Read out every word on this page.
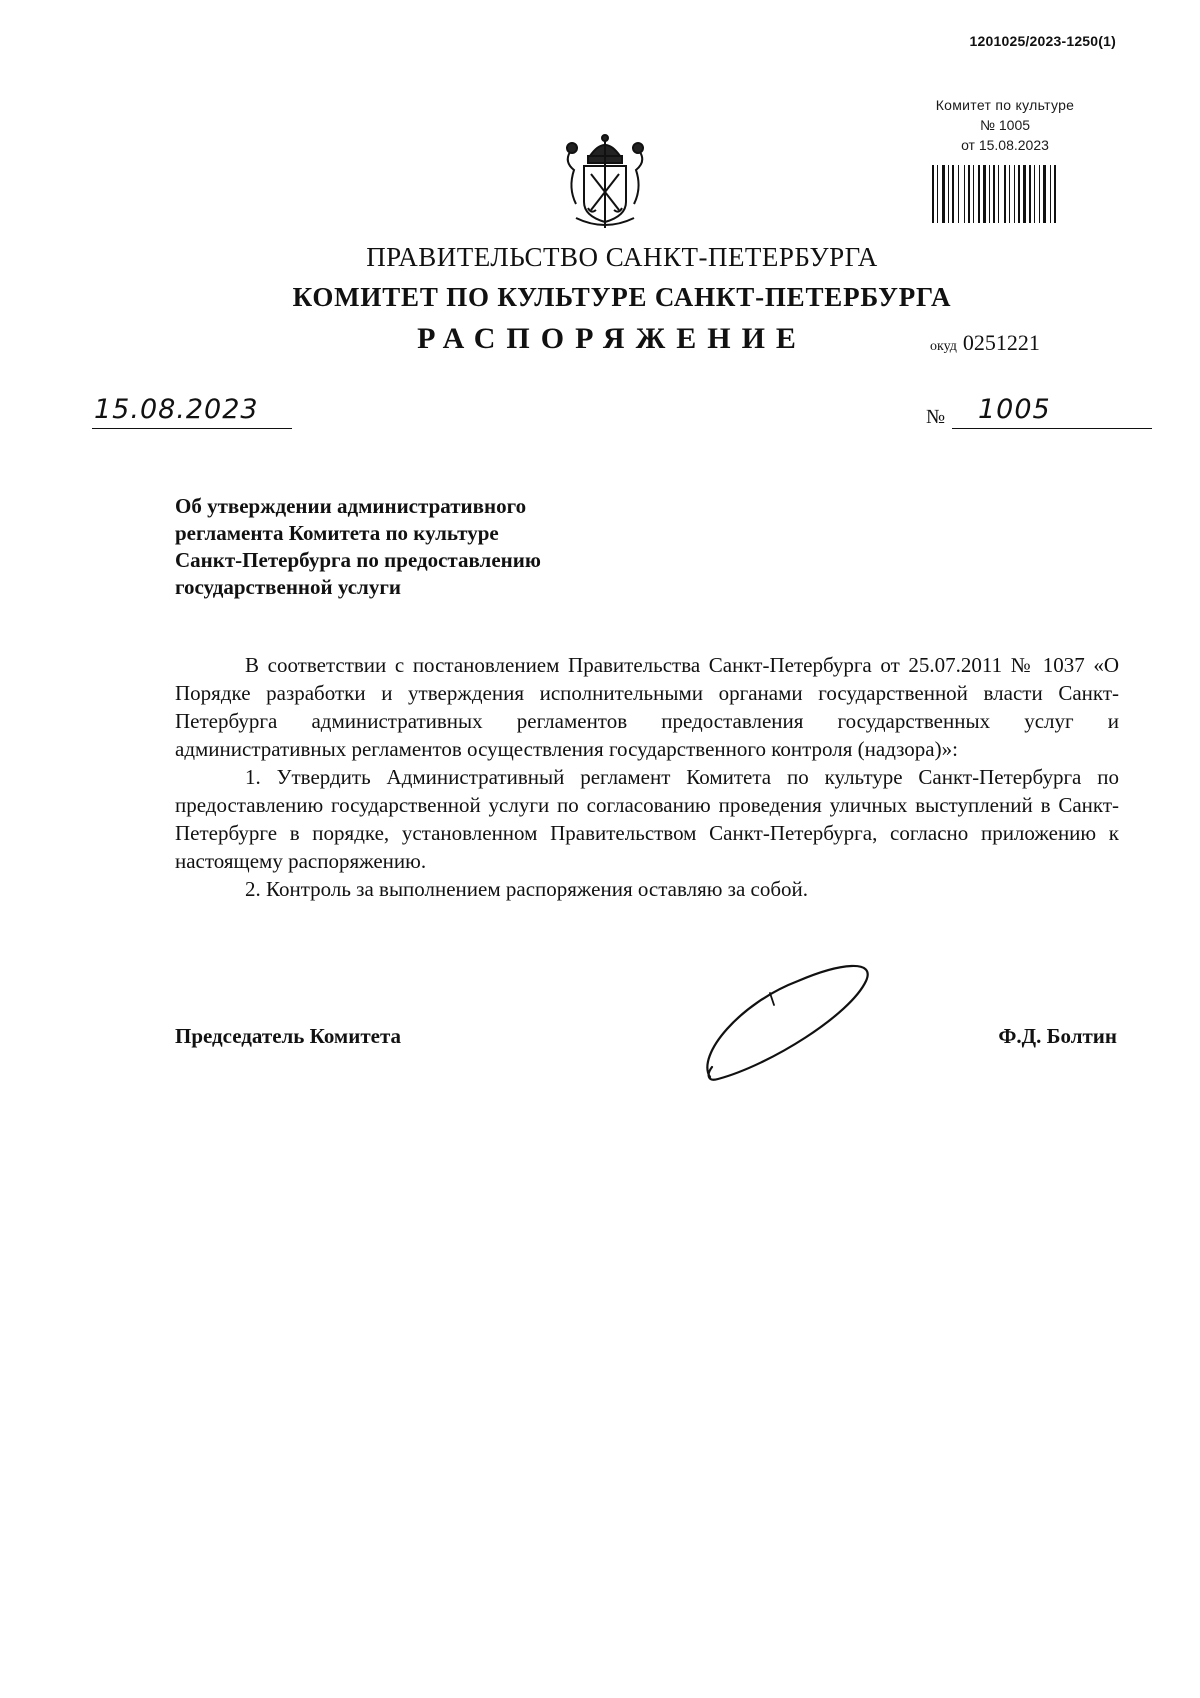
1201025/2023-1250(1)
Комитет по культуре
№ 1005
от 15.08.2023
ПРАВИТЕЛЬСТВО САНКТ-ПЕТЕРБУРГА
КОМИТЕТ ПО КУЛЬТУРЕ САНКТ-ПЕТЕРБУРГА
РАСПОРЯЖЕНИЕ	окуд 0251221
15.08.2023	№ 1005
Об утверждении административного
регламента Комитета по культуре
Санкт-Петербурга по предоставлению
государственной услуги

В соответствии с постановлением Правительства Санкт-Петербурга от 25.07.2011 № 1037 «О Порядке разработки и утверждения исполнительными органами государственной власти Санкт-Петербурга административных регламентов предоставления государственных услуг и административных регламентов осуществления государственного контроля (надзора)»:

1. Утвердить Административный регламент Комитета по культуре Санкт-Петербурга по предоставлению государственной услуги по согласованию проведения уличных выступлений в Санкт-Петербурге в порядке, установленном Правительством Санкт-Петербурга, согласно приложению к настоящему распоряжению.

2. Контроль за выполнением распоряжения оставляю за собой.

Председатель Комитета	Ф.Д. Болтин
